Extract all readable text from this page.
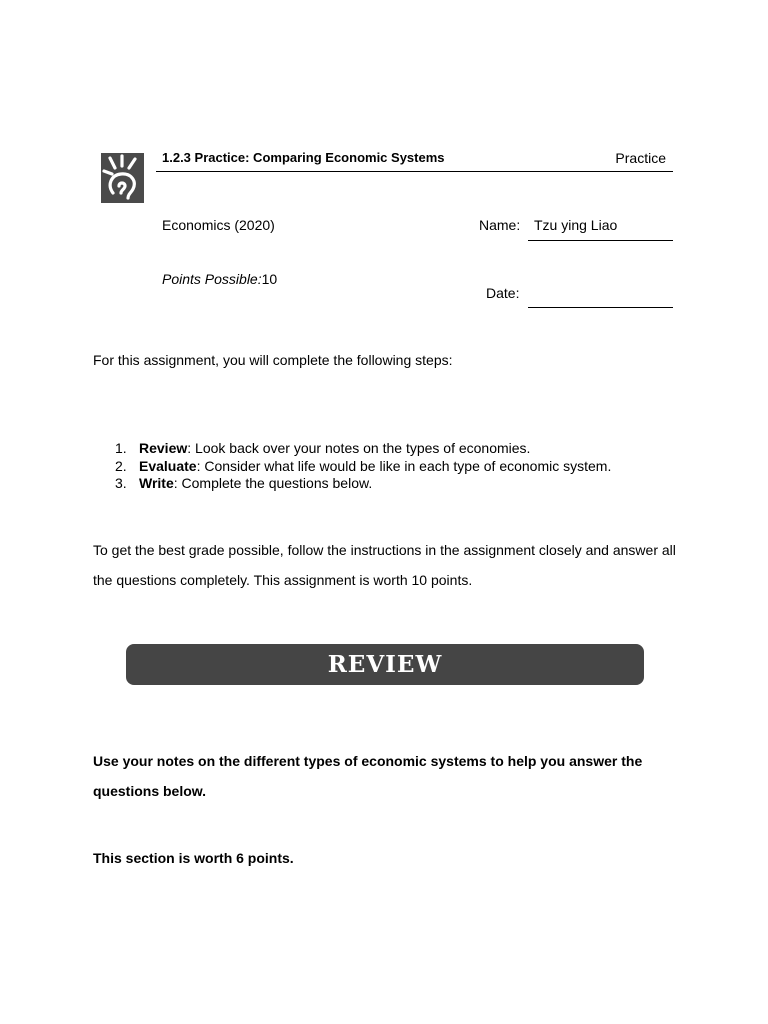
1.2.3 Practice: Comparing Economic Systems	Practice
Economics (2020)	Name: Tzu ying Liao
Points Possible:10
Date:
For this assignment, you will complete the following steps:
1. Review: Look back over your notes on the types of economies.
2. Evaluate: Consider what life would be like in each type of economic system.
3. Write: Complete the questions below.
To get the best grade possible, follow the instructions in the assignment closely and answer all the questions completely. This assignment is worth 10 points.
REVIEW
Use your notes on the different types of economic systems to help you answer the questions below.
This section is worth 6 points.
